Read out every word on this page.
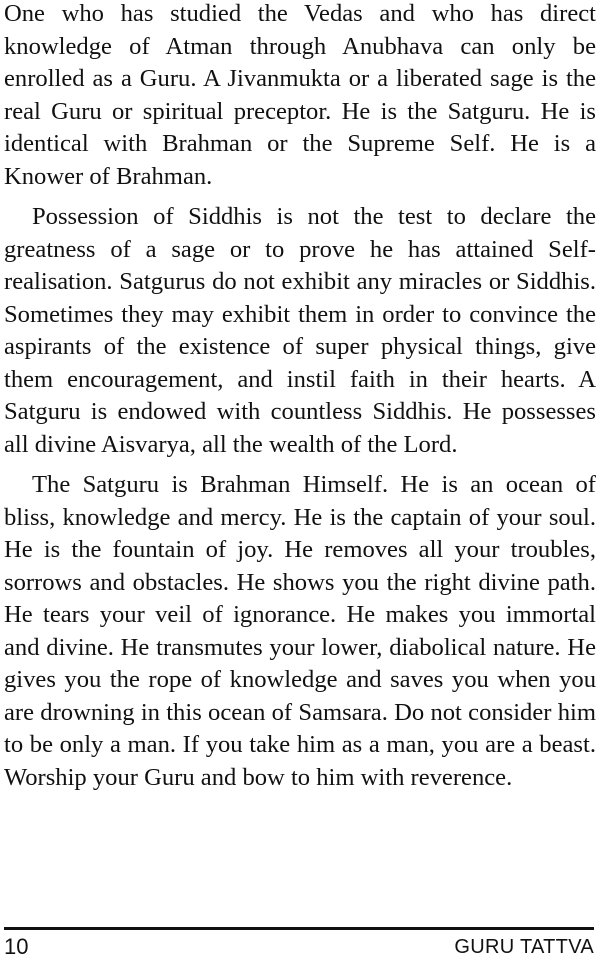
One who has studied the Vedas and who has direct knowledge of Atman through Anubhava can only be enrolled as a Guru. A Jivanmukta or a liberated sage is the real Guru or spiritual preceptor. He is the Satguru. He is identical with Brahman or the Supreme Self. He is a Knower of Brahman.

Possession of Siddhis is not the test to declare the greatness of a sage or to prove he has attained Self-realisation. Satgurus do not exhibit any miracles or Siddhis. Sometimes they may exhibit them in order to convince the aspirants of the existence of super physical things, give them encouragement, and instil faith in their hearts. A Satguru is endowed with countless Siddhis. He possesses all divine Aisvarya, all the wealth of the Lord.

The Satguru is Brahman Himself. He is an ocean of bliss, knowledge and mercy. He is the captain of your soul. He is the fountain of joy. He removes all your troubles, sorrows and obstacles. He shows you the right divine path. He tears your veil of ignorance. He makes you immortal and divine. He transmutes your lower, diabolical nature. He gives you the rope of knowledge and saves you when you are drowning in this ocean of Samsara. Do not consider him to be only a man. If you take him as a man, you are a beast. Worship your Guru and bow to him with reverence.

10	GURU TATTVA
